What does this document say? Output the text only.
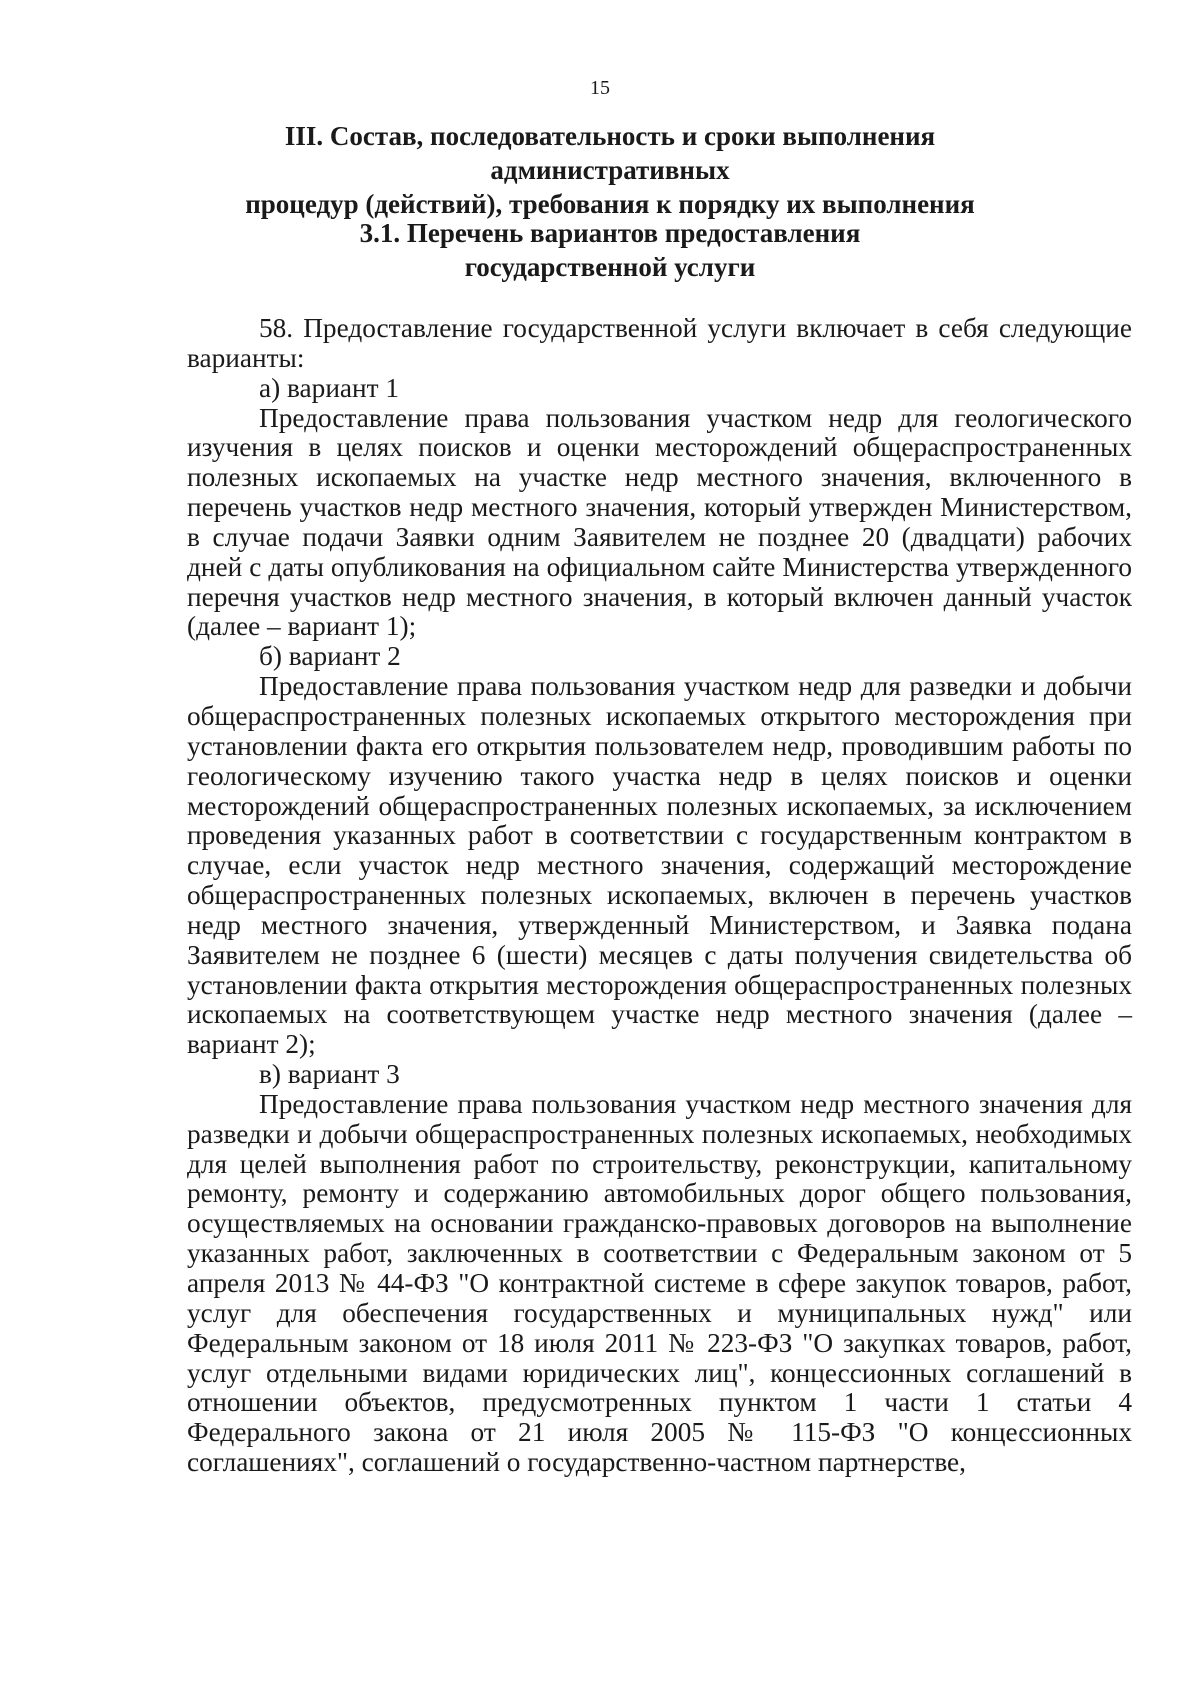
15
III. Состав, последовательность и сроки выполнения административных
процедур (действий), требования к порядку их выполнения
3.1. Перечень вариантов предоставления
государственной услуги

58. Предоставление государственной услуги включает в себя следующие варианты:

а) вариант 1

Предоставление права пользования участком недр для геологического изучения в целях поисков и оценки месторождений общераспространенных полезных ископаемых на участке недр местного значения, включенного в перечень участков недр местного значения, который утвержден Министерством, в случае подачи Заявки одним Заявителем не позднее 20 (двадцати) рабочих дней с даты опубликования на официальном сайте Министерства утвержденного перечня участков недр местного значения, в который включен данный участок (далее – вариант 1);

б) вариант 2

Предоставление права пользования участком недр для разведки и добычи общераспространенных полезных ископаемых открытого месторождения при установлении факта его открытия пользователем недр, проводившим работы по геологическому изучению такого участка недр в целях поисков и оценки месторождений общераспространенных полезных ископаемых, за исключением проведения указанных работ в соответствии с государственным контрактом в случае, если участок недр местного значения, содержащий месторождение общераспространенных полезных ископаемых, включен в перечень участков недр местного значения, утвержденный Министерством, и Заявка подана Заявителем не позднее 6 (шести) месяцев с даты получения свидетельства об установлении факта открытия месторождения общераспространенных полезных ископаемых на соответствующем участке недр местного значения (далее – вариант 2);

в) вариант 3

Предоставление права пользования участком недр местного значения для разведки и добычи общераспространенных полезных ископаемых, необходимых для целей выполнения работ по строительству, реконструкции, капитальному ремонту, ремонту и содержанию автомобильных дорог общего пользования, осуществляемых на основании гражданско-правовых договоров на выполнение указанных работ, заключенных в соответствии с Федеральным законом от 5 апреля 2013 № 44-ФЗ "О контрактной системе в сфере закупок товаров, работ, услуг для обеспечения государственных и муниципальных нужд" или Федеральным законом от 18 июля 2011 № 223-ФЗ "О закупках товаров, работ, услуг отдельными видами юридических лиц", концессионных соглашений в отношении объектов, предусмотренных пунктом 1 части 1 статьи 4 Федерального закона от 21 июля 2005 № 115-ФЗ "О концессионных соглашениях", соглашений о государственно-частном партнерстве,
